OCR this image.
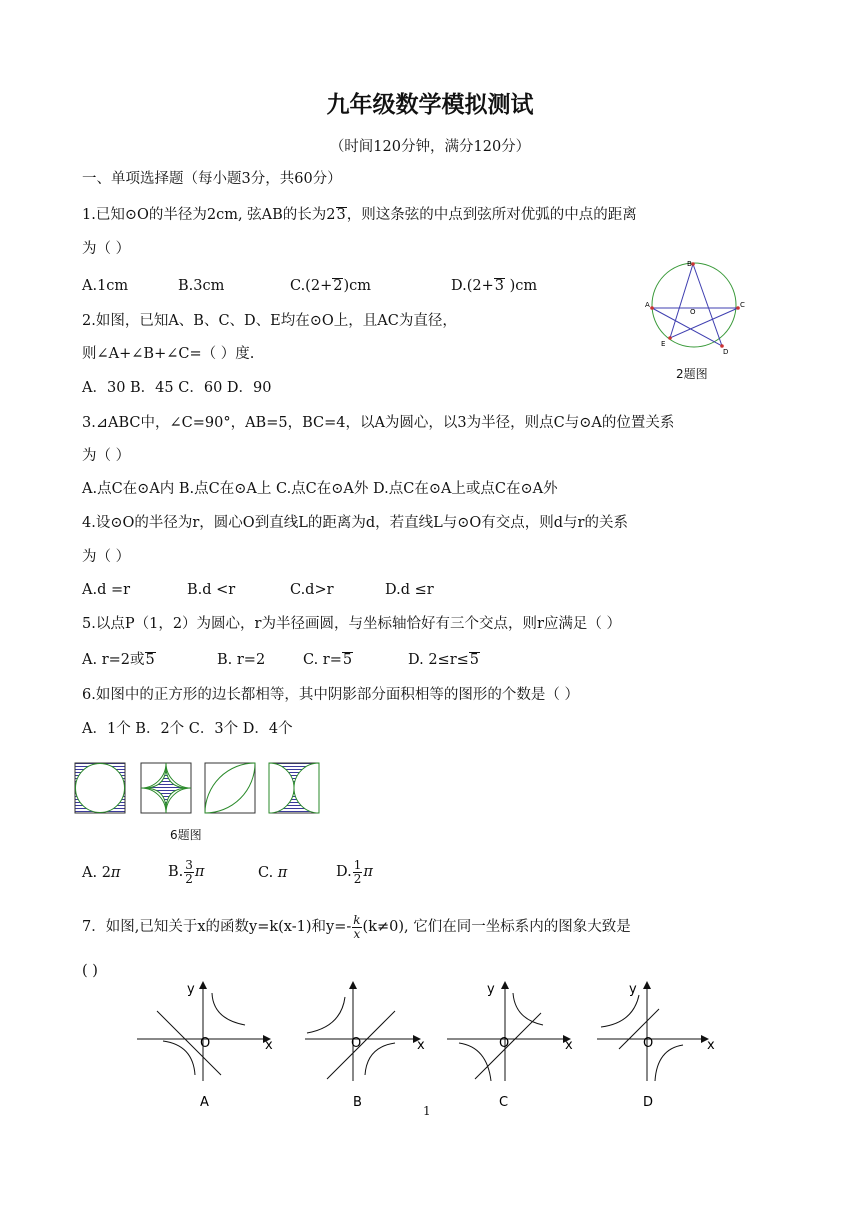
九年级数学模拟测试
（时间120分钟，满分120分）
一、单项选择题（每小题3分，共60分）
1.已知⊙O的半径为2cm, 弦AB的长为23，则这条弦的中点到弦所对优弧的中点的距离
为（ ）
A.1cm	B.3cm	C.(2+2)cm	D.(2+3 )cm
2.如图，已知A、B、C、D、E均在⊙O上，且AC为直径，
则∠A+∠B+∠C=（ ）度.
A．30 B．45 C．60 D．90
B
C
A
D
E
O
2题图
3.⊿ABC中，∠C=90°，AB=5，BC=4，以A为圆心，以3为半径，则点C与⊙A的位置关系
为（ ）
A.点C在⊙A内 B.点C在⊙A上 C.点C在⊙A外 D.点C在⊙A上或点C在⊙A外
4.设⊙O的半径为r，圆心O到直线L的距离为d，若直线L与⊙O有交点，则d与r的关系
为（ ）
A.d =r	B.d <r	C.d>r	D.d ≤r
5.以点P（1，2）为圆心，r为半径画圆，与坐标轴恰好有三个交点，则r应满足（ ）
A. r=2或5	B. r=2	C. r=5	D. 2≤r≤5
6.如图中的正方形的边长都相等，其中阴影部分面积相等的图形的个数是（ ）
A．1个 B．2个 C．3个 D．4个
6题图
A. 2π	B. $\frac{3}{2}$ π	C. π	D. $\frac{1}{2}$ π
7．如图,已知关于x的函数y=k(x-1)和$y=- \frac{k}{x} (k\ne 0)$, 它们在同一坐标系内的图象大致是
( )
y
x
O
A
x
O
B
y
x
O
C
y
x
O
D
1
